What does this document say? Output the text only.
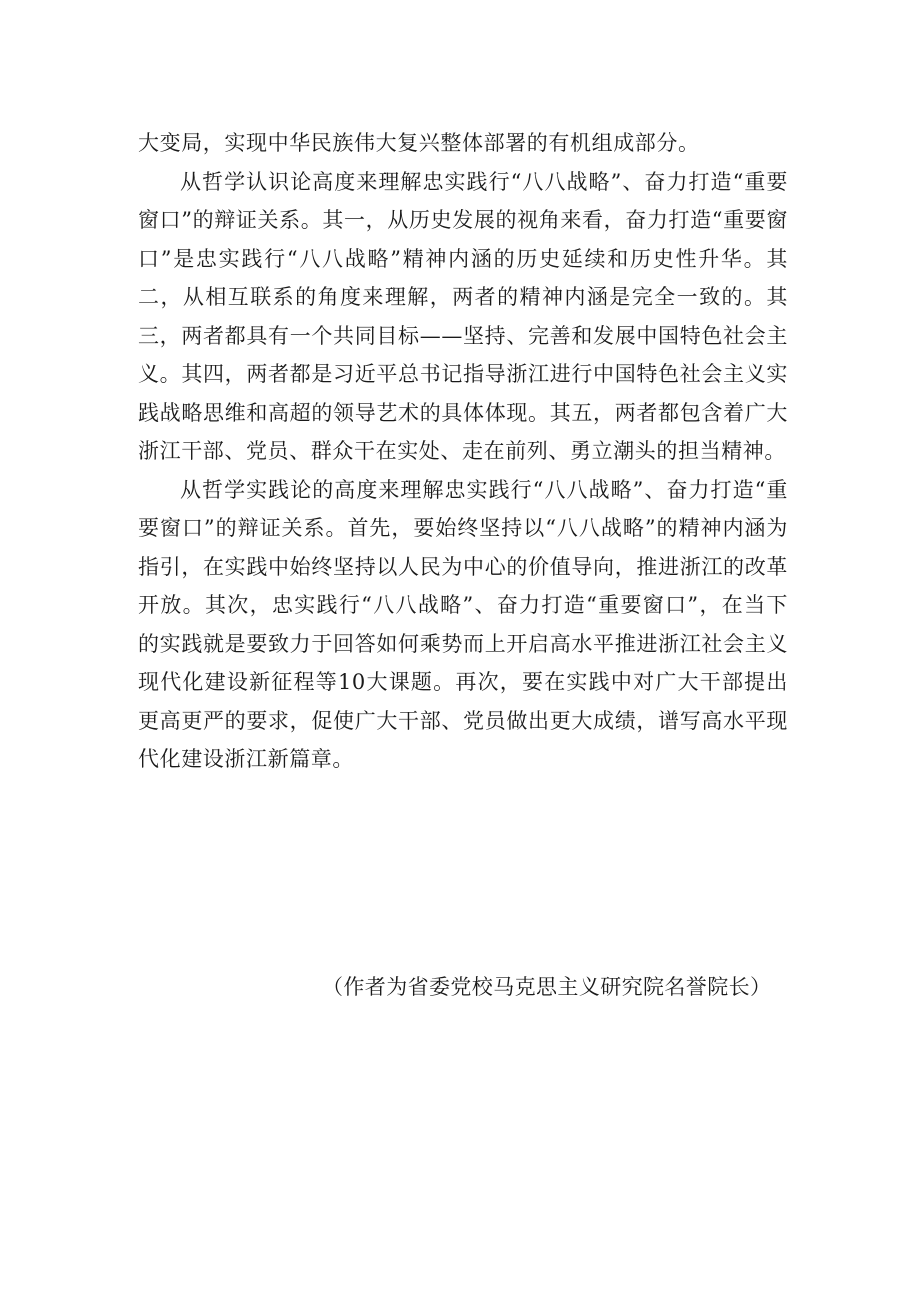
大变局，实现中华民族伟大复兴整体部署的有机组成部分。

从哲学认识论高度来理解忠实践行“八八战略”、奋力打造“重要窗口”的辩证关系。其一，从历史发展的视角来看，奋力打造“重要窗口”是忠实践行“八八战略”精神内涵的历史延续和历史性升华。其二，从相互联系的角度来理解，两者的精神内涵是完全一致的。其三，两者都具有一个共同目标——坚持、完善和发展中国特色社会主义。其四，两者都是习近平总书记指导浙江进行中国特色社会主义实践战略思维和高超的领导艺术的具体体现。其五，两者都包含着广大浙江干部、党员、群众干在实处、走在前列、勇立潮头的担当精神。

从哲学实践论的高度来理解忠实践行“八八战略”、奋力打造“重要窗口”的辩证关系。首先，要始终坚持以“八八战略”的精神内涵为指引，在实践中始终坚持以人民为中心的价值导向，推进浙江的改革开放。其次，忠实践行“八八战略”、奋力打造“重要窗口”，在当下的实践就是要致力于回答如何乘势而上开启高水平推进浙江社会主义现代化建设新征程等10大课题。再次，要在实践中对广大干部提出更高更严的要求，促使广大干部、党员做出更大成绩，谱写高水平现代化建设浙江新篇章。

（作者为省委党校马克思主义研究院名誉院长）
